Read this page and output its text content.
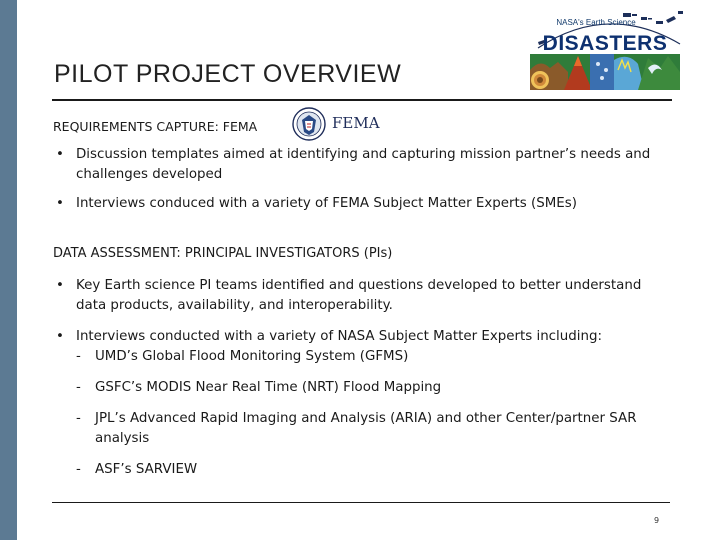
PILOT PROJECT OVERVIEW
NASA's Earth Science
DISASTERS
REQUIREMENTS CAPTURE: FEMA	FEMA
• Discussion templates aimed at identifying and capturing mission partner’s needs and challenges developed
• Interviews conduced with a variety of FEMA Subject Matter Experts (SMEs)
DATA ASSESSMENT: PRINCIPAL INVESTIGATORS (PIs)
• Key Earth science PI teams identified and questions developed to better understand data products, availability, and interoperability.
• Interviews conducted with a variety of NASA Subject Matter Experts including:
- UMD’s Global Flood Monitoring System (GFMS)
- GSFC’s MODIS Near Real Time (NRT) Flood Mapping
- JPL’s Advanced Rapid Imaging and Analysis (ARIA) and other Center/partner SAR analysis
- ASF’s SARVIEW
9
